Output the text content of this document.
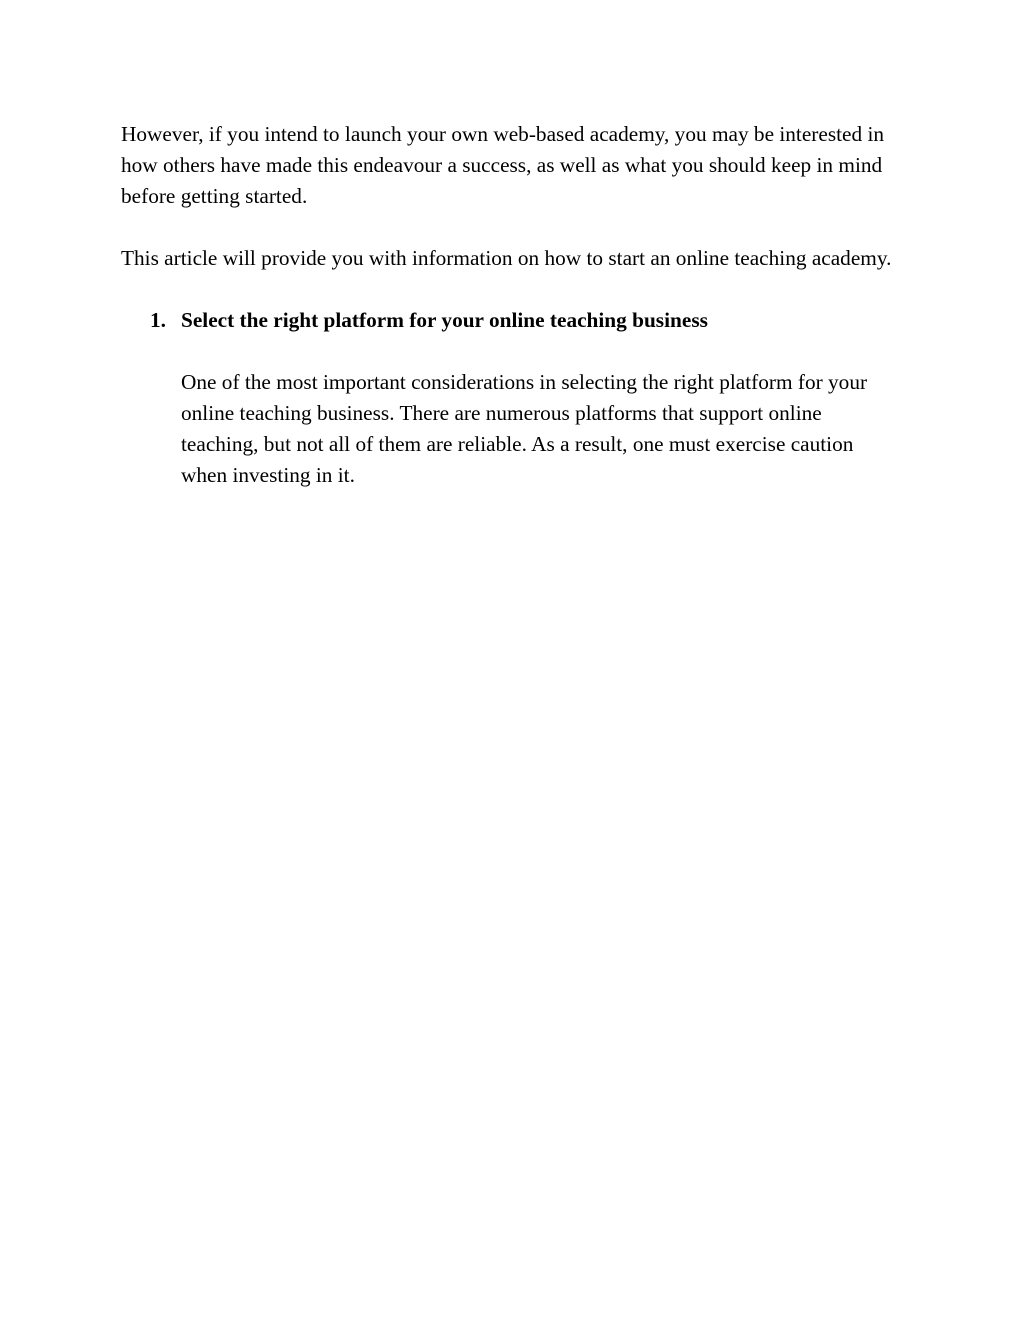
However, if you intend to launch your own web-based academy, you may be interested in how others have made this endeavour a success, as well as what you should keep in mind before getting started.

This article will provide you with information on how to start an online teaching academy.

1. Select the right platform for your online teaching business

One of the most important considerations in selecting the right platform for your online teaching business. There are numerous platforms that support online teaching, but not all of them are reliable. As a result, one must exercise caution when investing in it.
